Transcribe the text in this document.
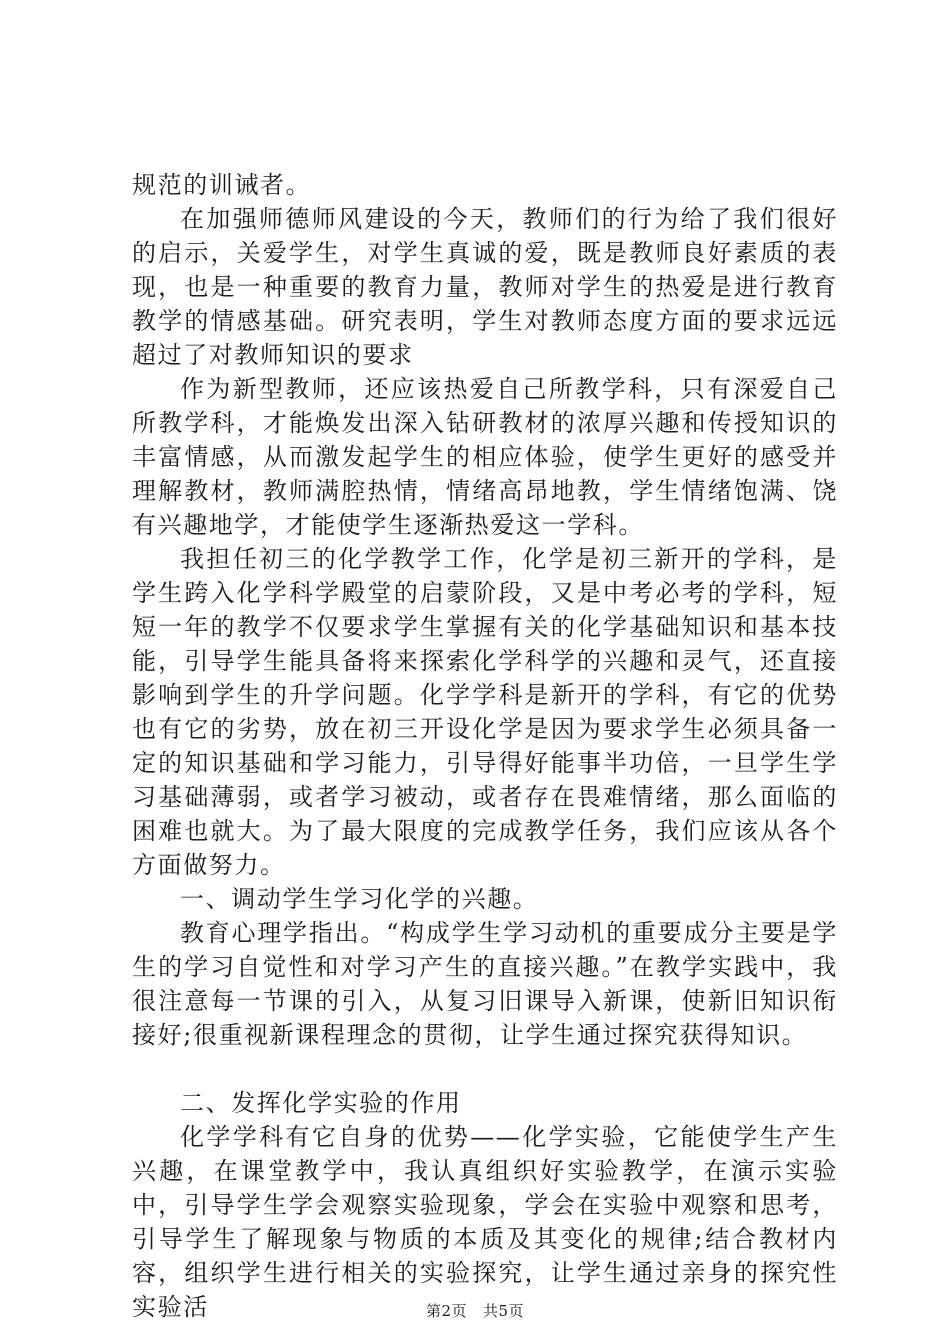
规范的训诫者。

在加强师德师风建设的今天，教师们的行为给了我们很好的启示，关爱学生，对学生真诚的爱，既是教师良好素质的表现，也是一种重要的教育力量，教师对学生的热爱是进行教育教学的情感基础。研究表明，学生对教师态度方面的要求远远超过了对教师知识的要求

作为新型教师，还应该热爱自己所教学科，只有深爱自己所教学科，才能焕发出深入钻研教材的浓厚兴趣和传授知识的丰富情感，从而激发起学生的相应体验，使学生更好的感受并理解教材，教师满腔热情，情绪高昂地教，学生情绪饱满、饶有兴趣地学，才能使学生逐渐热爱这一学科。

我担任初三的化学教学工作，化学是初三新开的学科，是学生跨入化学科学殿堂的启蒙阶段，又是中考必考的学科，短短一年的教学不仅要求学生掌握有关的化学基础知识和基本技能，引导学生能具备将来探索化学科学的兴趣和灵气，还直接影响到学生的升学问题。化学学科是新开的学科，有它的优势也有它的劣势，放在初三开设化学是因为要求学生必须具备一定的知识基础和学习能力，引导得好能事半功倍，一旦学生学习基础薄弱，或者学习被动，或者存在畏难情绪，那么面临的困难也就大。为了最大限度的完成教学任务，我们应该从各个方面做努力。

一、调动学生学习化学的兴趣。

教育心理学指出。“构成学生学习动机的重要成分主要是学生的学习自觉性和对学习产生的直接兴趣。”在教学实践中，我很注意每一节课的引入，从复习旧课导入新课，使新旧知识衔接好;很重视新课程理念的贯彻，让学生通过探究获得知识。

二、发挥化学实验的作用

化学学科有它自身的优势——化学实验，它能使学生产生兴趣，在课堂教学中，我认真组织好实验教学，在演示实验中，引导学生学会观察实验现象，学会在实验中观察和思考，引导学生了解现象与物质的本质及其变化的规律;结合教材内容，组织学生进行相关的实验探究，让学生通过亲身的探究性实验活	第2页 共5页
